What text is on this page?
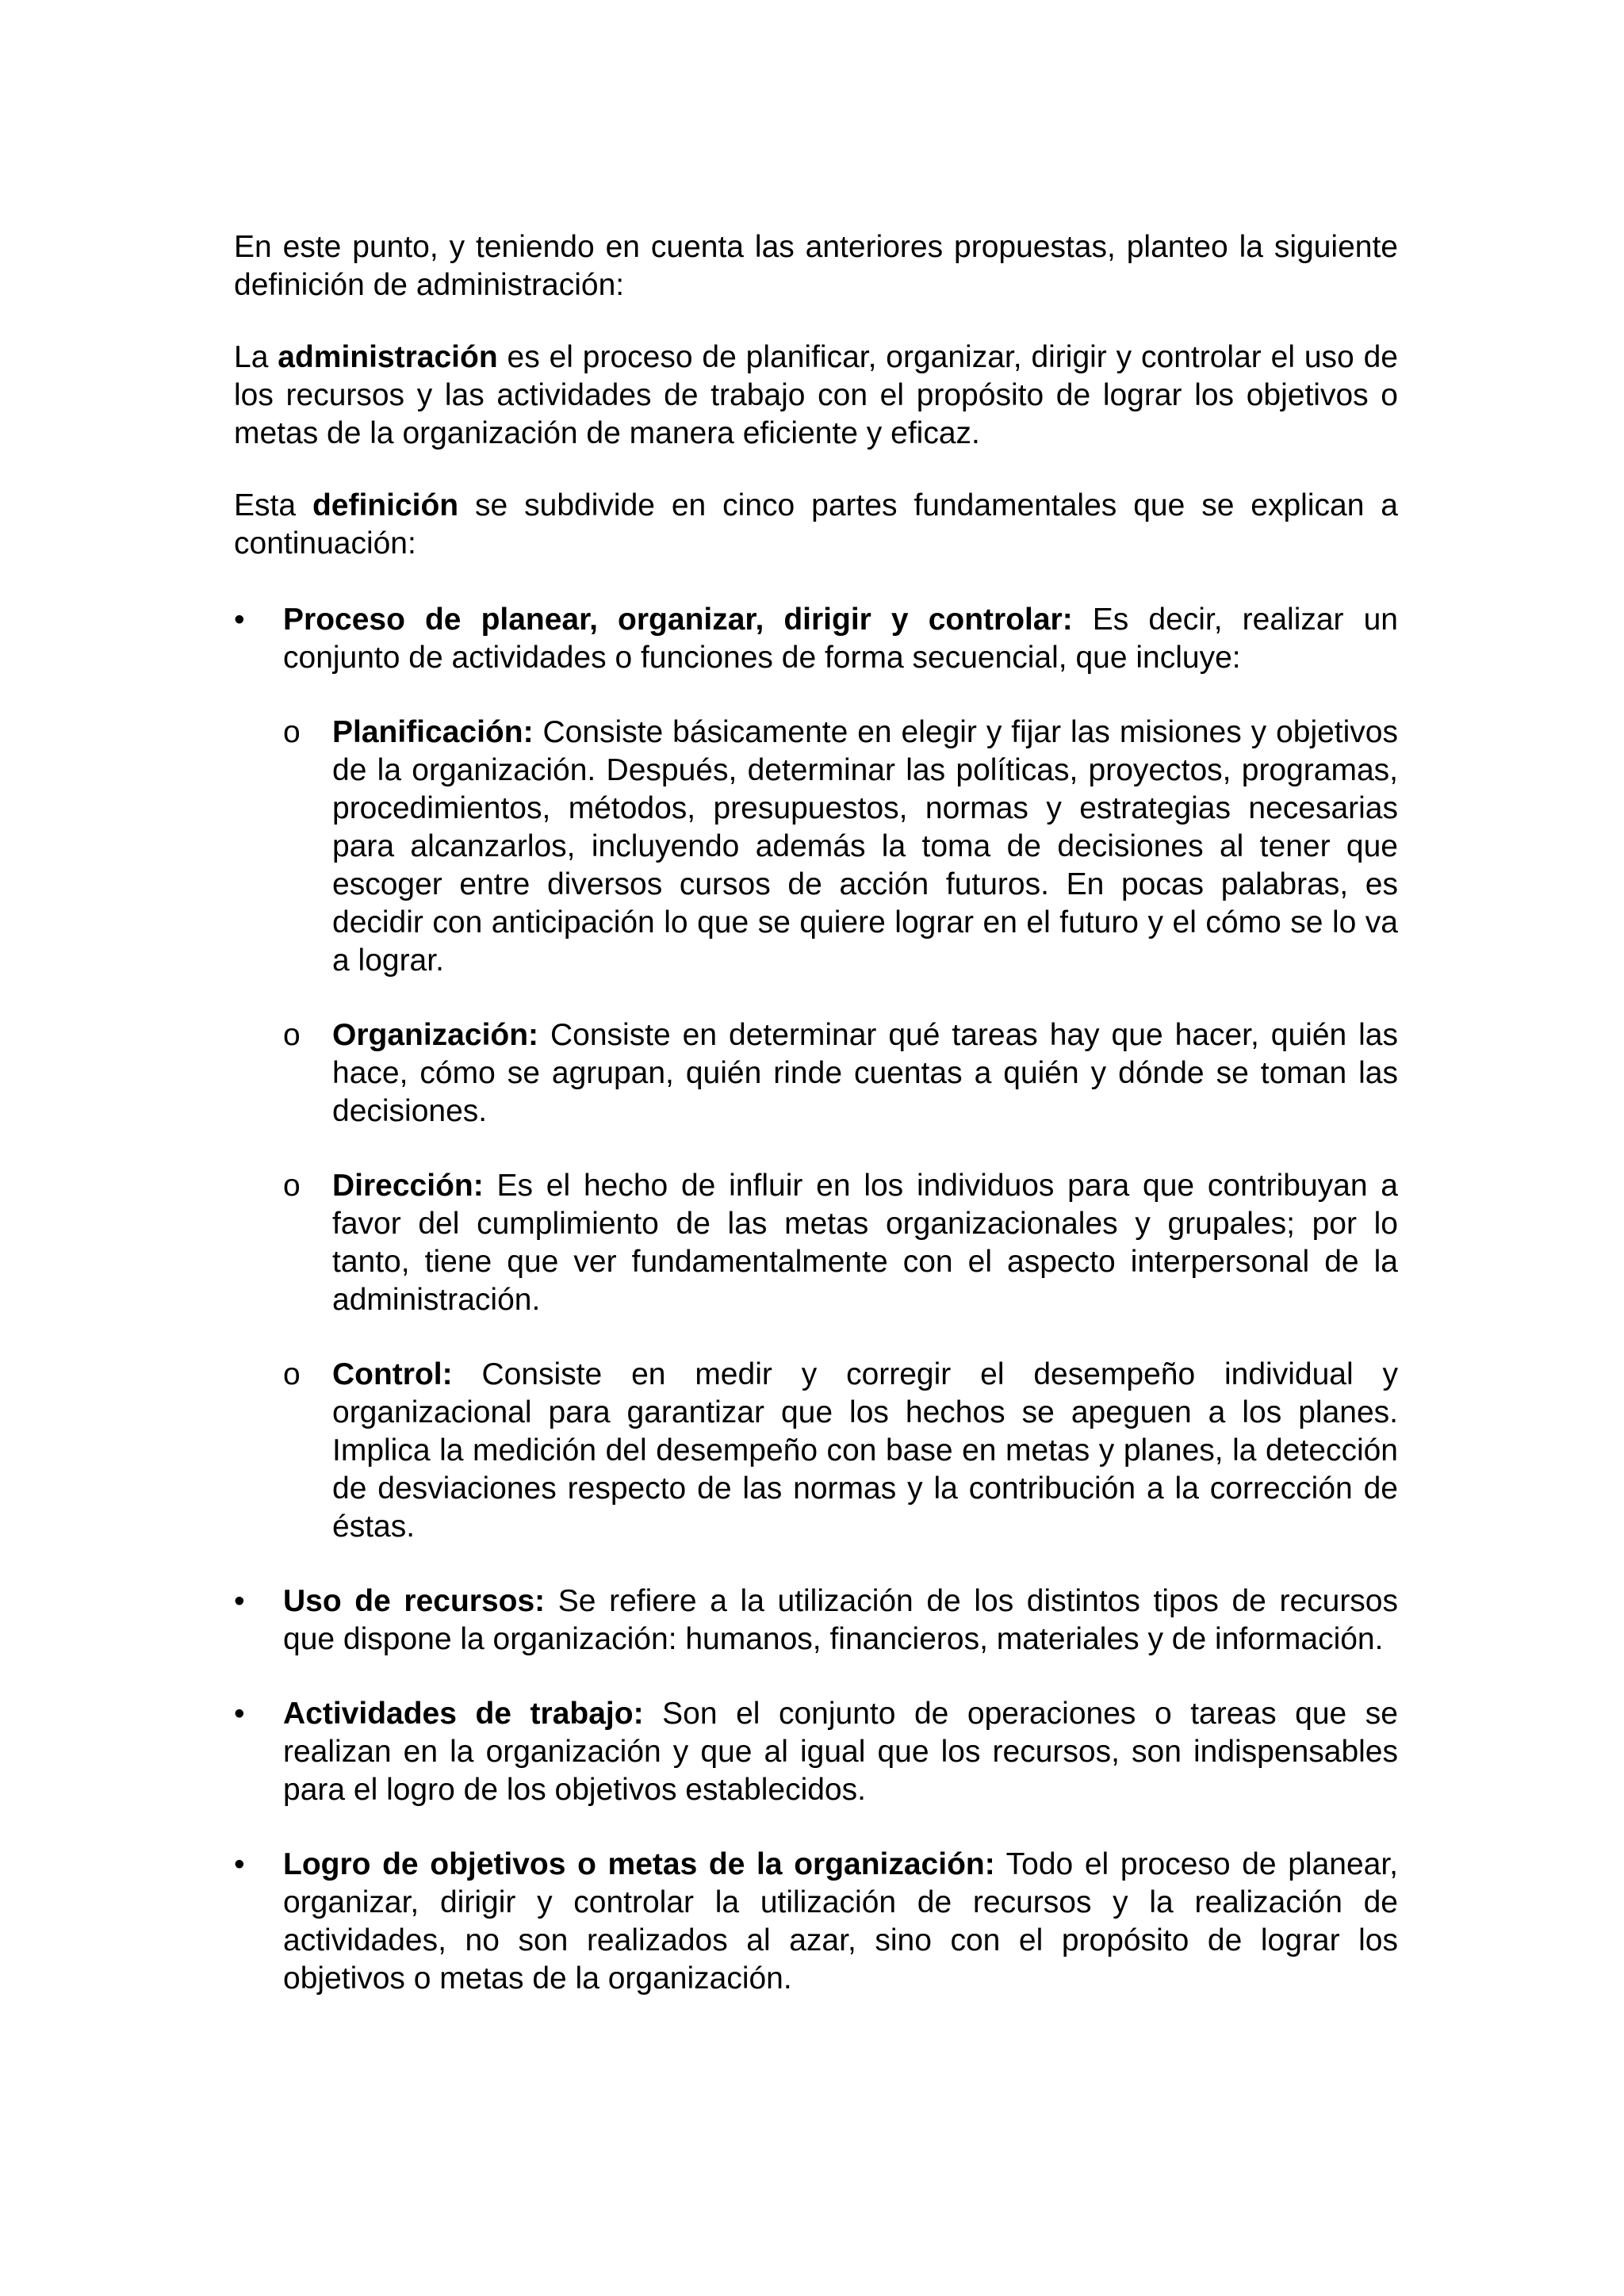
En este punto, y teniendo en cuenta las anteriores propuestas, planteo la siguiente definición de administración:

La administración es el proceso de planificar, organizar, dirigir y controlar el uso de los recursos y las actividades de trabajo con el propósito de lograr los objetivos o metas de la organización de manera eficiente y eficaz.

Esta definición se subdivide en cinco partes fundamentales que se explican a continuación:

•	Proceso de planear, organizar, dirigir y controlar: Es decir, realizar un conjunto de actividades o funciones de forma secuencial, que incluye:
o	Planificación: Consiste básicamente en elegir y fijar las misiones y objetivos de la organización. Después, determinar las políticas, proyectos, programas, procedimientos, métodos, presupuestos, normas y estrategias necesarias para alcanzarlos, incluyendo además la toma de decisiones al tener que escoger entre diversos cursos de acción futuros. En pocas palabras, es decidir con anticipación lo que se quiere lograr en el futuro y el cómo se lo va a lograr.
o	Organización: Consiste en determinar qué tareas hay que hacer, quién las hace, cómo se agrupan, quién rinde cuentas a quién y dónde se toman las decisiones.
o	Dirección: Es el hecho de influir en los individuos para que contribuyan a favor del cumplimiento de las metas organizacionales y grupales; por lo tanto, tiene que ver fundamentalmente con el aspecto interpersonal de la administración.
o	Control: Consiste en medir y corregir el desempeño individual y organizacional para garantizar que los hechos se apeguen a los planes. Implica la medición del desempeño con base en metas y planes, la detección de desviaciones respecto de las normas y la contribución a la corrección de éstas.
•	Uso de recursos: Se refiere a la utilización de los distintos tipos de recursos que dispone la organización: humanos, financieros, materiales y de información.
•	Actividades de trabajo: Son el conjunto de operaciones o tareas que se realizan en la organización y que al igual que los recursos, son indispensables para el logro de los objetivos establecidos.
•	Logro de objetivos o metas de la organización: Todo el proceso de planear, organizar, dirigir y controlar la utilización de recursos y la realización de actividades, no son realizados al azar, sino con el propósito de lograr los objetivos o metas de la organización.
